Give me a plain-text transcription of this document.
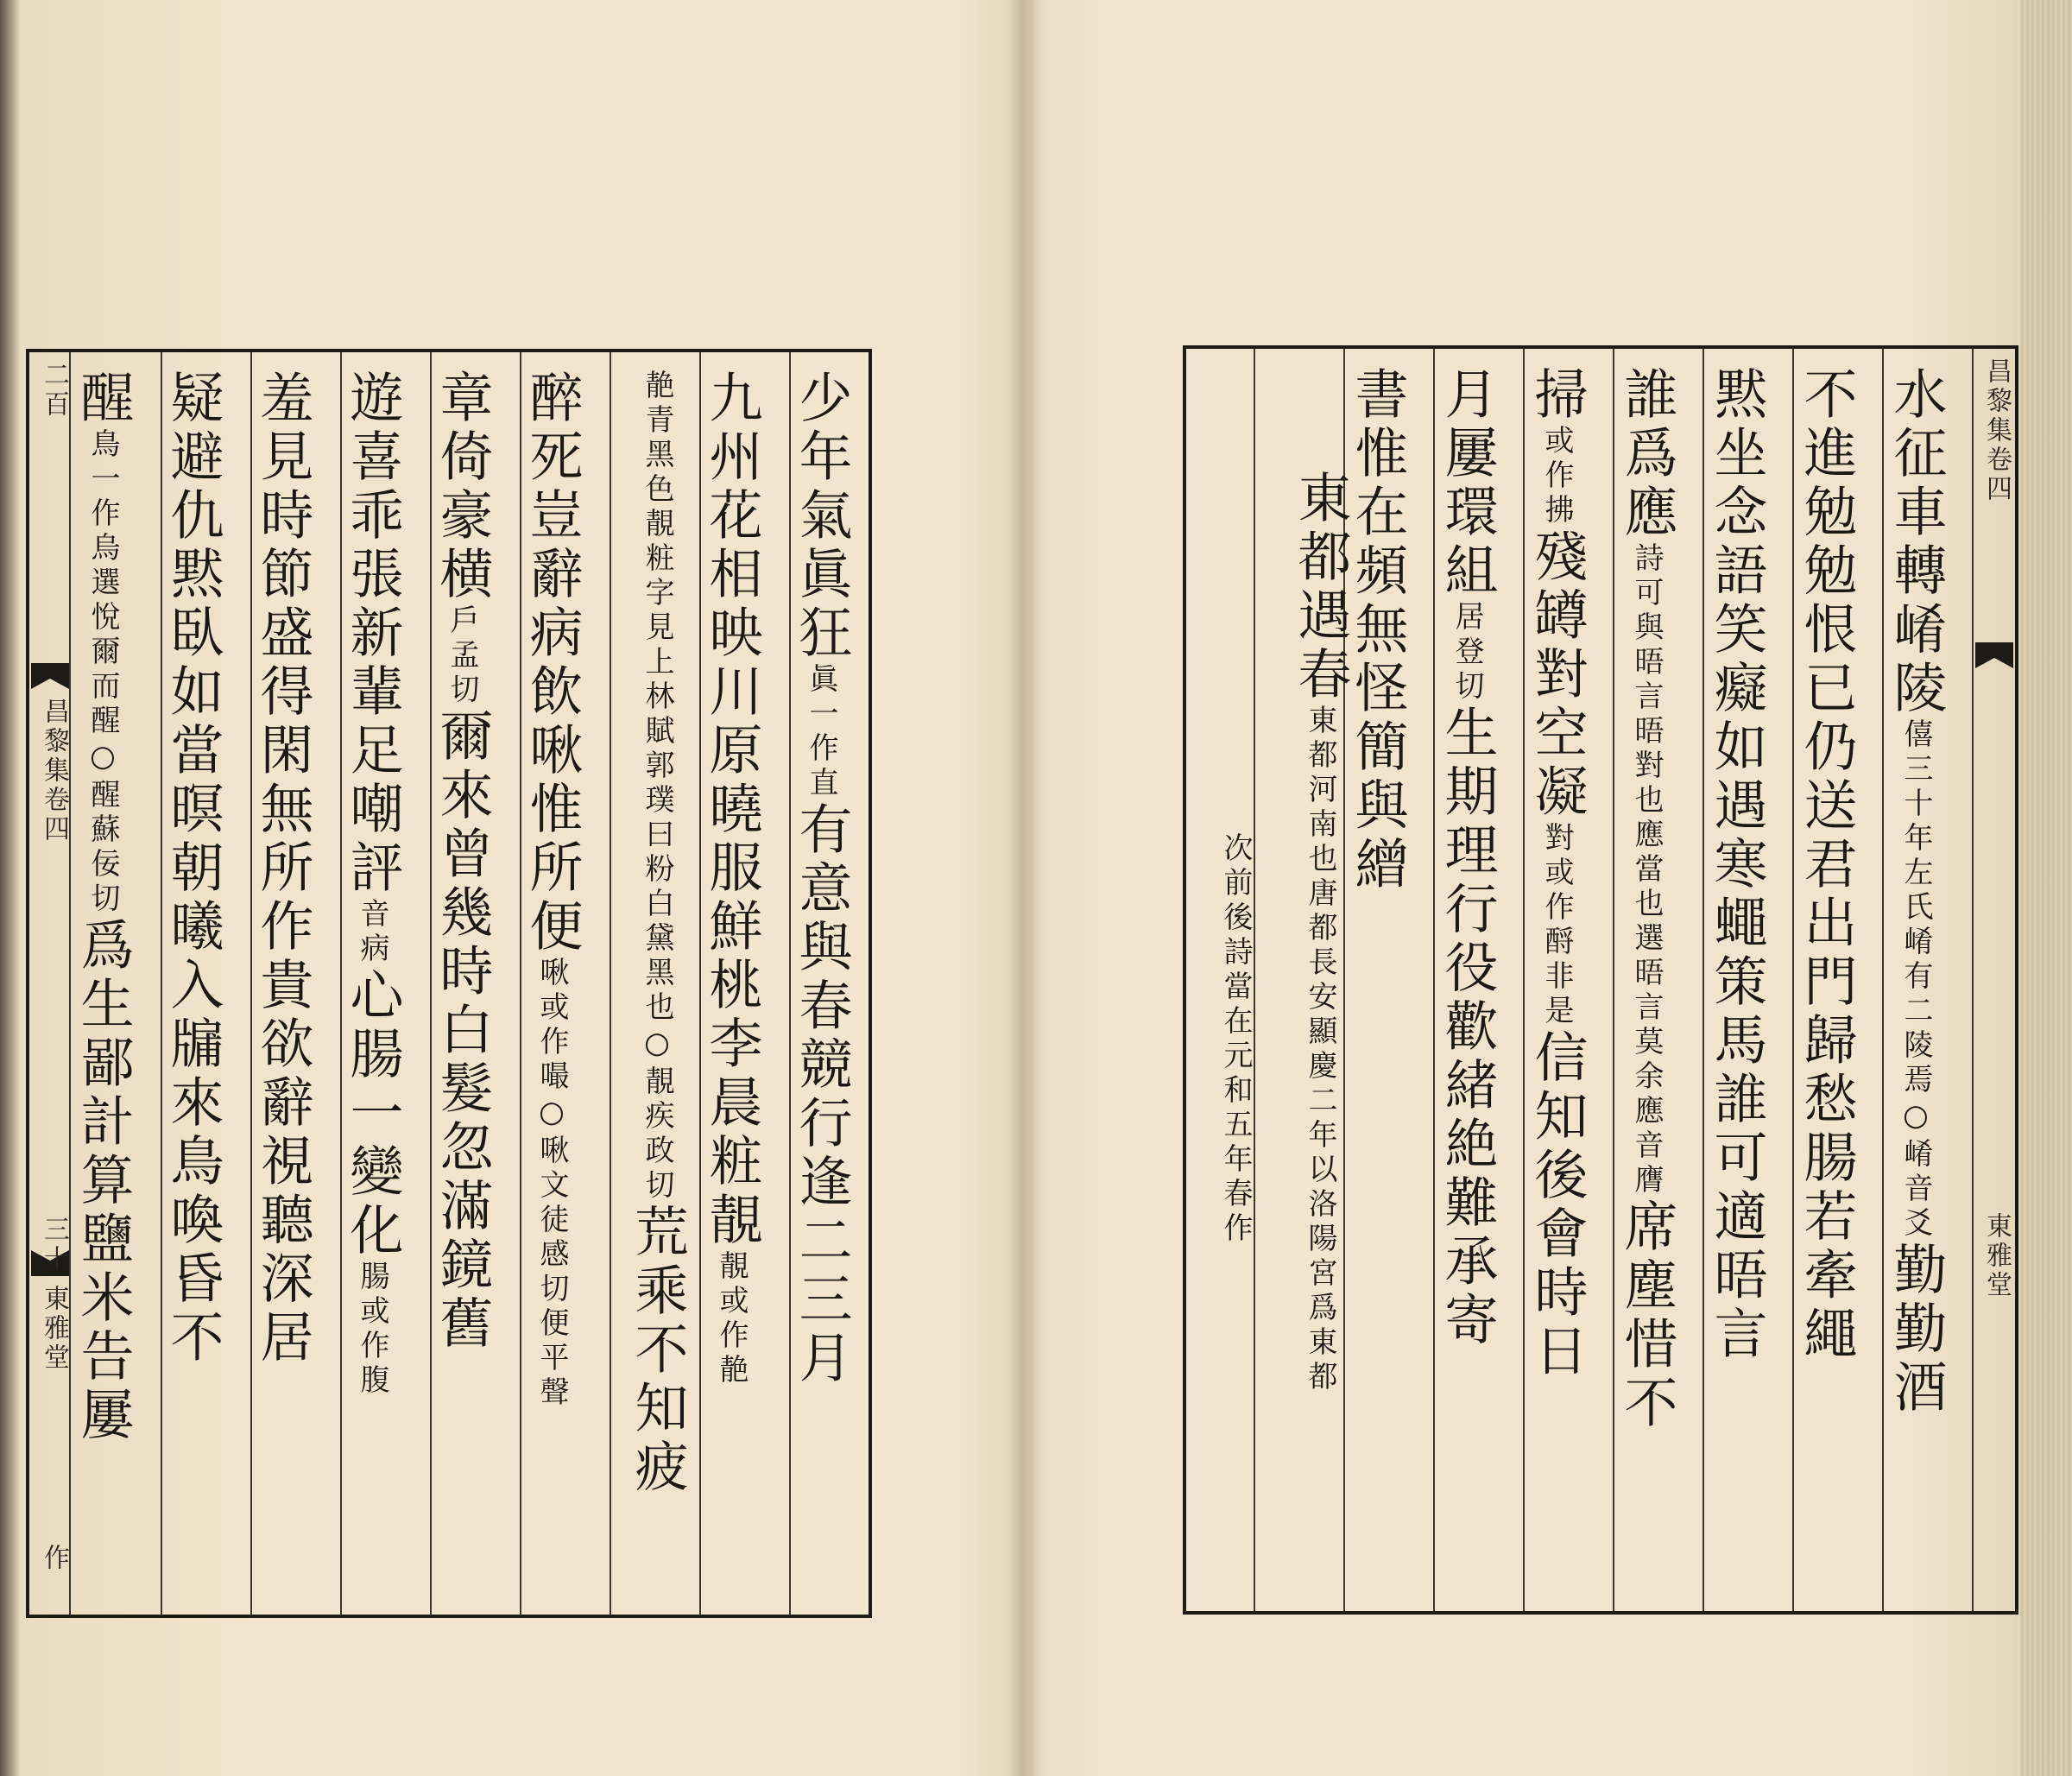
二百
昌黎集卷四
三十
東雅堂
作
少年氣眞狂眞一作直有意與春競行逢二三月
九州花相映川原曉服鮮桃李晨粧靚靚或作靘
靘青黑色靚粧字見上林賦郭璞曰粉白黛黑也○靚疾政切荒乘不知疲
醉死豈辭病飲啾惟所便啾或作嘬○啾文徒感切便平聲
章倚豪横戶孟切爾來曾幾時白髮忽滿鏡舊
遊喜乖張新輩足嘲評音病心腸一變化腸或作腹
羞見時節盛得閑無所作貴欲辭視聽深居
疑避仇黙臥如當暝朝曦入牖來鳥喚昏不
醒鳥一作烏選悅爾而醒○醒蘇佞切爲生鄙計算鹽米告屢
昌黎集卷四
東雅堂
水征車轉崤陵僖三十年左氏崤有二陵焉○崤音爻勤勤酒
不進勉勉恨已仍送君出門歸愁腸若牽繩
黙坐念語笑癡如遇寒蠅策馬誰可適晤言
誰爲應詩可與晤言晤對也應當也選晤言莫余應音膺席塵惜不
掃或作拂殘罇對空凝對或作酹非是信知後會時日
月屢環組居登切生期理行役歡緒絶難承寄
書惟在頻無怪簡與繒
東都遇春東都河南也唐都長安顯慶二年以洛陽宮爲東都
次前後詩當在元和五年春作
